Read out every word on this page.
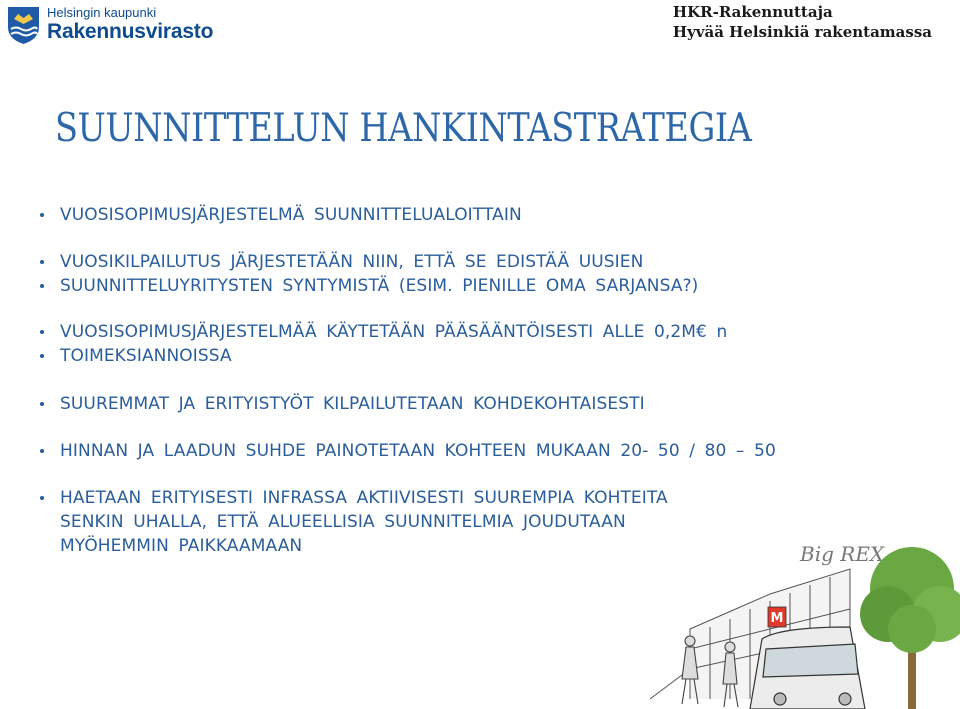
Helsingin kaupunki
Rakennusvirasto
HKR-Rakennuttaja
Hyvää Helsinkiä rakentamassa
SUUNNITTELUN HANKINTASTRATEGIA
VUOSISOPIMUSJÄRJESTELMÄ SUUNNITTELUALOITTAIN
VUOSIKILPAILUTUS JÄRJESTETÄÄN NIIN, ETTÄ SE EDISTÄÄ UUSIEN
SUUNNITTELUYRITYSTEN SYNTYMISTÄ (ESIM. PIENILLE OMA SARJANSA?)
VUOSISOPIMUSJÄRJESTELMÄÄ KÄYTETÄÄN PÄÄSÄÄNTÖISESTI ALLE 0,2M€ n
TOIMEKSIANNOISSA
SUUREMMAT JA ERITYISTYÖT KILPAILUTETAAN KOHDEKOHTAISESTI
HINNAN JA LAADUN SUHDE PAINOTETAAN KOHTEEN MUKAAN 20- 50 / 80 – 50
HAETAAN ERITYISESTI INFRASSA AKTIIVISESTI SUUREMPIA KOHTEITA
SENKIN UHALLA, ETTÄ ALUEELLISIA SUUNNITELMIA JOUDUTAAN
MYÖHEMMIN PAIKKAAMAAN	Big REX
M
